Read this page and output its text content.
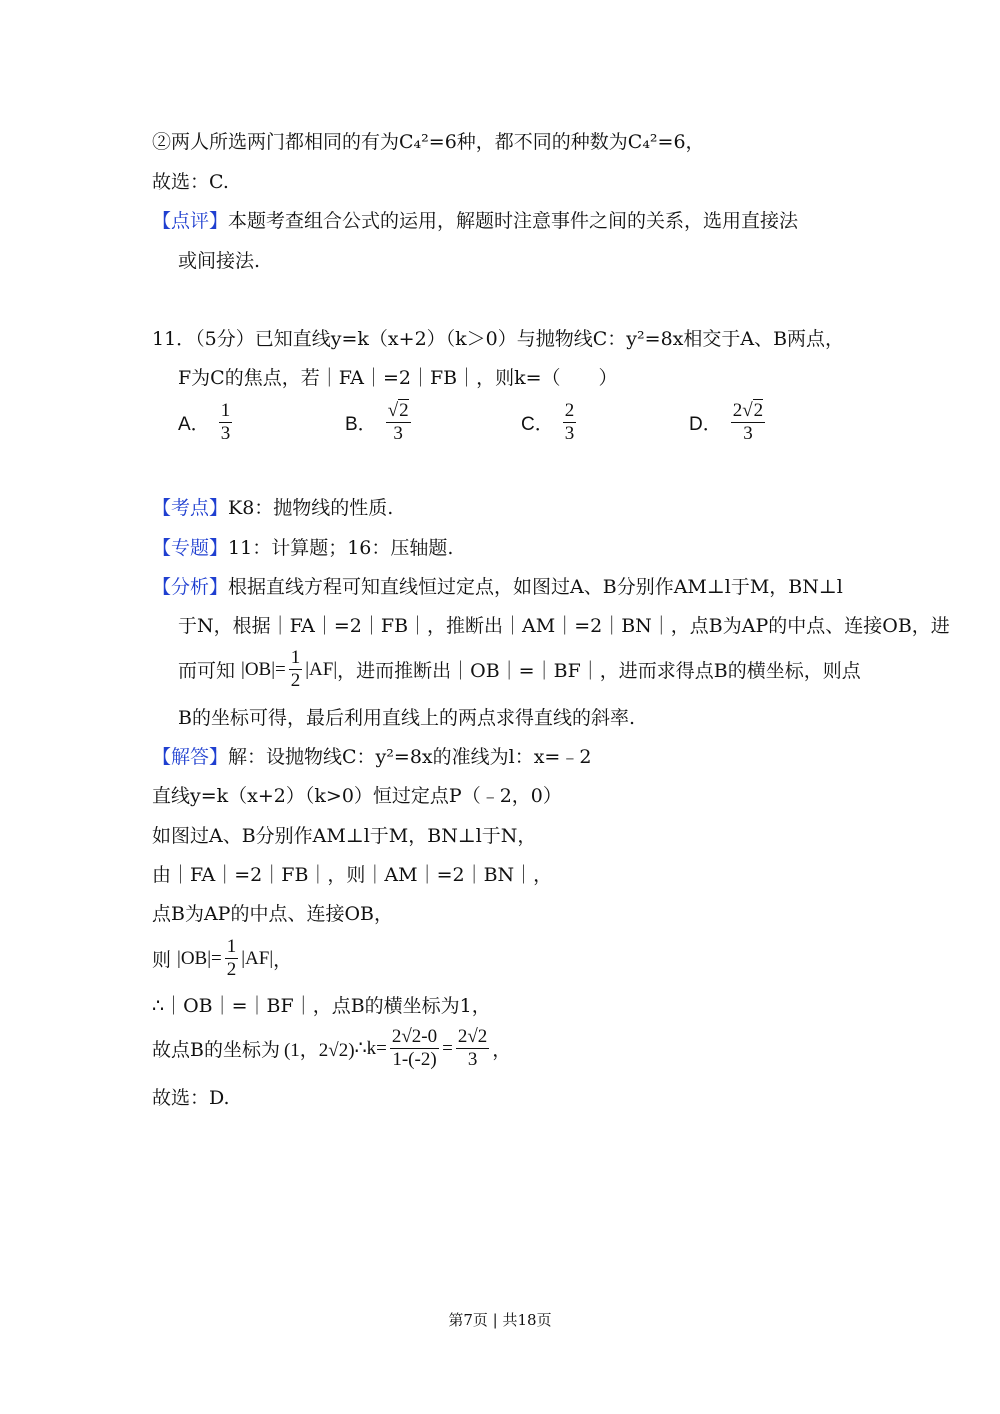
②两人所选两门都相同的有为C₄²=6种，都不同的种数为C₄²=6，
故选：C.
【点评】本题考查组合公式的运用，解题时注意事件之间的关系，选用直接法
或间接法.
11．（5分）已知直线y=k（x+2）（k＞0）与抛物线C：y²=8x相交于A、B两点，
F为C的焦点，若｜FA｜=2｜FB｜，则k=（　　）
A． $\frac{1}{3}$	B． $\frac{√2}{3}$	C． $\frac{2}{3}$	D． $\frac{2√2}{3}$
【考点】K8：抛物线的性质.
【专题】11：计算题；16：压轴题.
【分析】根据直线方程可知直线恒过定点，如图过A、B分别作AM⊥l于M，BN⊥l
于N，根据｜FA｜=2｜FB｜，推断出｜AM｜=2｜BN｜，点B为AP的中点、连接OB，进
而可知 $|OB|= \frac{1}{2} |AF|$ ，进而推断出｜OB｜=｜BF｜，进而求得点B的横坐标，则点
B的坐标可得，最后利用直线上的两点求得直线的斜率.
【解答】解：设抛物线C：y²=8x的准线为l：x=﹣2
直线y=k（x+2）（k>0）恒过定点P（﹣2，0）
如图过A、B分别作AM⊥l于M，BN⊥l于N，
由｜FA｜=2｜FB｜，则｜AM｜=2｜BN｜，
点B为AP的中点、连接OB，
则 $|OB|= \frac{1}{2} |AF|$ ，
∴｜OB｜=｜BF｜，点B的横坐标为1，
故点B的坐标为 (1，2√2) ∴k= $\frac{2√2-0}{1-(-2)} = \frac{2√2}{3}$ ，
故选：D.
第7页 | 共18页
